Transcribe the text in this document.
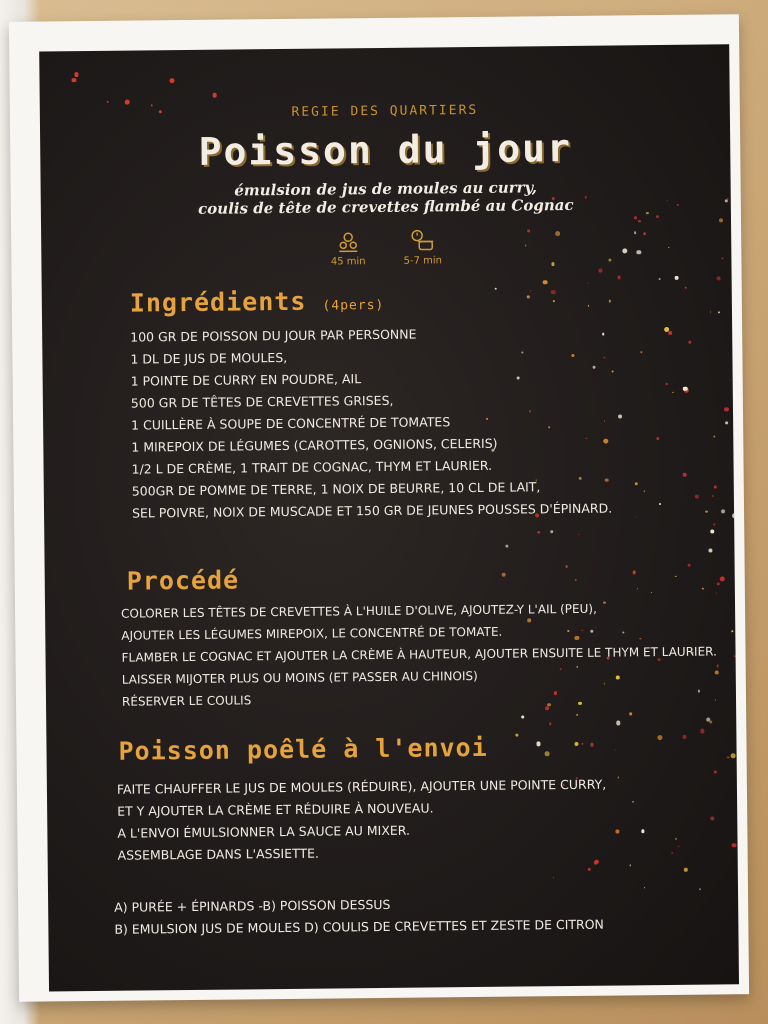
REGIE DES QUARTIERS
Poisson du jour
émulsion de jus de moules au curry,
coulis de tête de crevettes flambé au Cognac
45 min	5-7 min
Ingrédients (4pers)
100 GR DE POISSON DU JOUR PAR PERSONNE
1 DL DE JUS DE MOULES,
1 POINTE DE CURRY EN POUDRE, AIL
500 GR DE TÊTES DE CREVETTES GRISES,
1 CUILLÈRE À SOUPE DE CONCENTRÉ DE TOMATES
1 MIREPOIX DE LÉGUMES (CAROTTES, OGNIONS, CELERIS)
1/2 L DE CRÈME, 1 TRAIT DE COGNAC, THYM ET LAURIER.
500GR DE POMME DE TERRE, 1 NOIX DE BEURRE, 10 CL DE LAIT,
SEL POIVRE, NOIX DE MUSCADE ET 150 GR DE JEUNES POUSSES D'ÉPINARD.
Procédé
COLORER LES TÊTES DE CREVETTES À L'HUILE D'OLIVE, AJOUTEZ-Y L'AIL (PEU),
AJOUTER LES LÉGUMES MIREPOIX, LE CONCENTRÉ DE TOMATE.
FLAMBER LE COGNAC ET AJOUTER LA CRÈME À HAUTEUR, AJOUTER ENSUITE LE THYM ET LAURIER.
LAISSER MIJOTER PLUS OU MOINS (ET PASSER AU CHINOIS)
RÉSERVER LE COULIS
Poisson poêlé à l'envoi
FAITE CHAUFFER LE JUS DE MOULES (RÉDUIRE), AJOUTER UNE POINTE CURRY,
ET Y AJOUTER LA CRÈME ET RÉDUIRE À NOUVEAU.
A L'ENVOI ÉMULSIONNER LA SAUCE AU MIXER.
ASSEMBLAGE DANS L'ASSIETTE.
A) PURÉE + ÉPINARDS -B) POISSON DESSUS
B) EMULSION JUS DE MOULES D) COULIS DE CREVETTES ET ZESTE DE CITRON
